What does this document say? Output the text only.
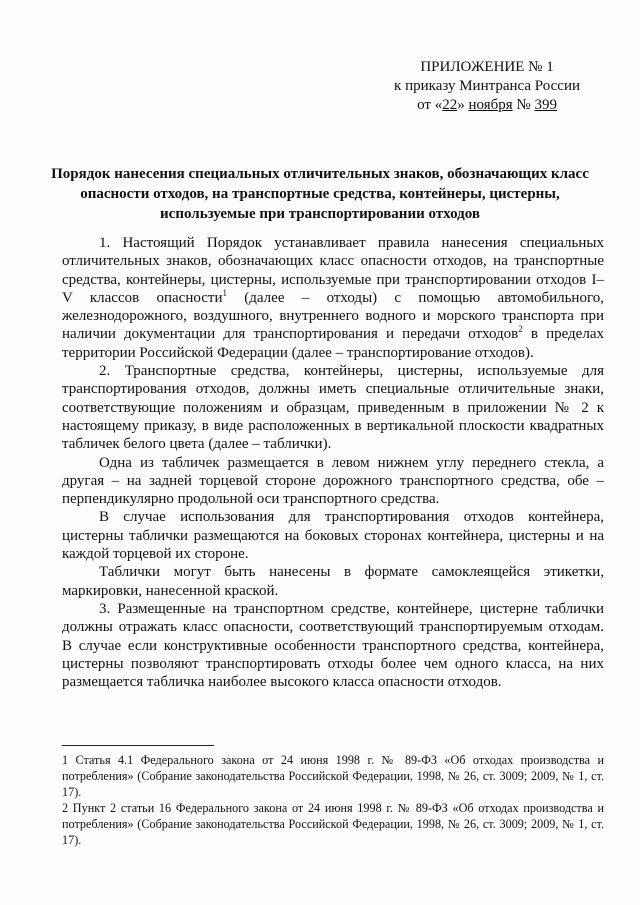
ПРИЛОЖЕНИЕ № 1
к приказу Минтранса России
от «22» ноября № 399
Порядок нанесения специальных отличительных знаков, обозначающих класс опасности отходов, на транспортные средства, контейнеры, цистерны, используемые при транспортировании отходов

1. Настоящий Порядок устанавливает правила нанесения специальных отличительных знаков, обозначающих класс опасности отходов, на транспортные средства, контейнеры, цистерны, используемые при транспортировании отходов I–V классов опасности$^1$ (далее – отходы) с помощью автомобильного, железнодорожного, воздушного, внутреннего водного и морского транспорта при наличии документации для транспортирования и передачи отходов$^2$ в пределах территории Российской Федерации (далее – транспортирование отходов).

2. Транспортные средства, контейнеры, цистерны, используемые для транспортирования отходов, должны иметь специальные отличительные знаки, соответствующие положениям и образцам, приведенным в приложении № 2 к настоящему приказу, в виде расположенных в вертикальной плоскости квадратных табличек белого цвета (далее – таблички).

Одна из табличек размещается в левом нижнем углу переднего стекла, а другая – на задней торцевой стороне дорожного транспортного средства, обе – перпендикулярно продольной оси транспортного средства.

В случае использования для транспортирования отходов контейнера, цистерны таблички размещаются на боковых сторонах контейнера, цистерны и на каждой торцевой их стороне.

Таблички могут быть нанесены в формате самоклеящейся этикетки, маркировки, нанесенной краской.

3. Размещенные на транспортном средстве, контейнере, цистерне таблички должны отражать класс опасности, соответствующий транспортируемым отходам. В случае если конструктивные особенности транспортного средства, контейнера, цистерны позволяют транспортировать отходы более чем одного класса, на них размещается табличка наиболее высокого класса опасности отходов.

1 Статья 4.1 Федерального закона от 24 июня 1998 г. № 89-ФЗ «Об отходах производства и потребления» (Собрание законодательства Российской Федерации, 1998, № 26, ст. 3009; 2009, № 1, ст. 17).

2 Пункт 2 статьи 16 Федерального закона от 24 июня 1998 г. № 89-ФЗ «Об отходах производства и потребления» (Собрание законодательства Российской Федерации, 1998, № 26, ст. 3009; 2009, № 1, ст. 17).
